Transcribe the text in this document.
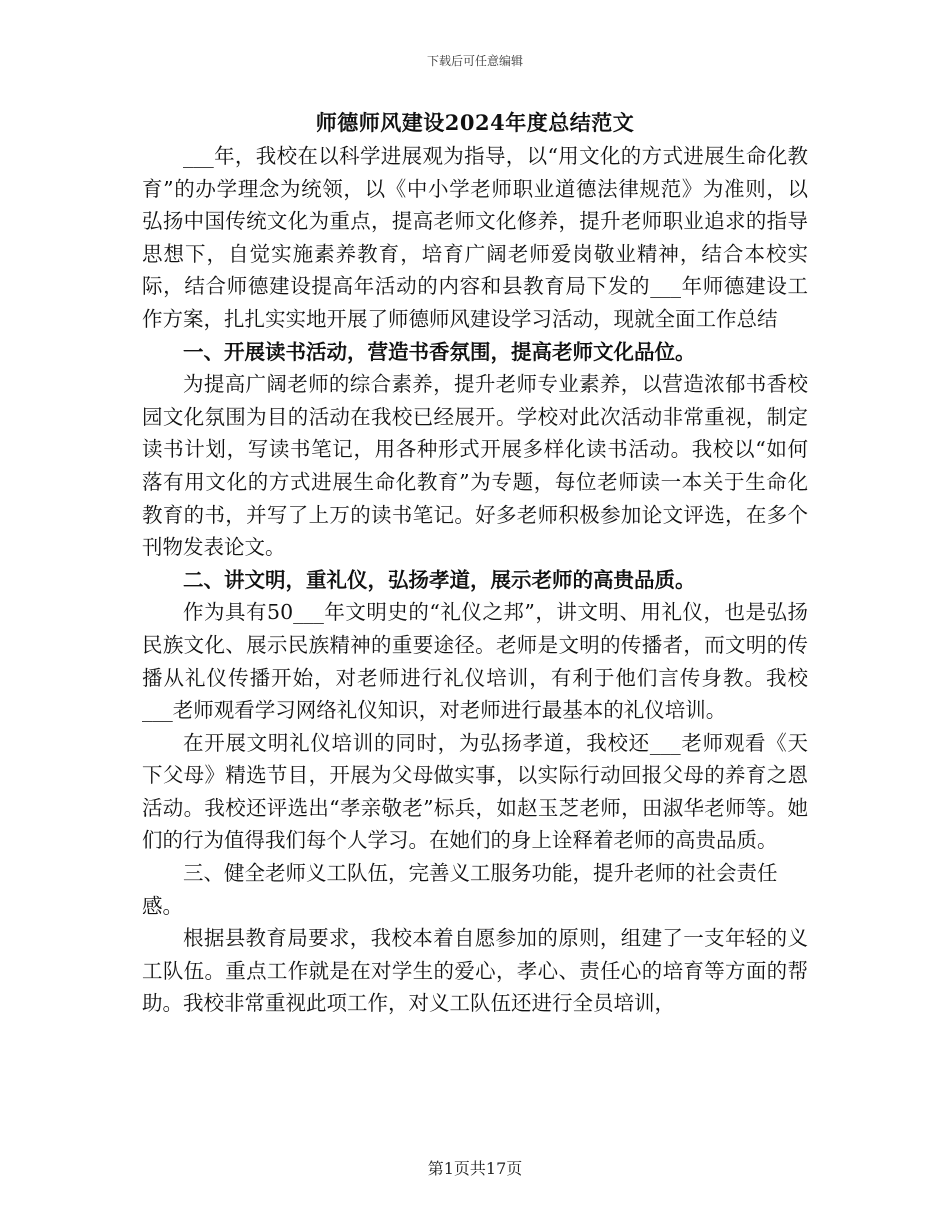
下载后可任意编辑
师德师风建设2024年度总结范文

___年，我校在以科学进展观为指导，以“用文化的方式进展生命化教育”的办学理念为统领，以《中小学老师职业道德法律规范》为准则，以弘扬中国传统文化为重点，提高老师文化修养，提升老师职业追求的指导思想下，自觉实施素养教育，培育广阔老师爱岗敬业精神，结合本校实际，结合师德建设提高年活动的内容和县教育局下发的___年师德建设工作方案，扎扎实实地开展了师德师风建设学习活动，现就全面工作总结

一、开展读书活动，营造书香氛围，提高老师文化品位。

为提高广阔老师的综合素养，提升老师专业素养，以营造浓郁书香校园文化氛围为目的活动在我校已经展开。学校对此次活动非常重视，制定读书计划，写读书笔记，用各种形式开展多样化读书活动。我校以“如何落有用文化的方式进展生命化教育”为专题，每位老师读一本关于生命化教育的书，并写了上万的读书笔记。好多老师积极参加论文评选，在多个刊物发表论文。

二、讲文明，重礼仪，弘扬孝道，展示老师的高贵品质。

作为具有50___年文明史的“礼仪之邦”，讲文明、用礼仪，也是弘扬民族文化、展示民族精神的重要途径。老师是文明的传播者，而文明的传播从礼仪传播开始，对老师进行礼仪培训，有利于他们言传身教。我校___老师观看学习网络礼仪知识，对老师进行最基本的礼仪培训。

在开展文明礼仪培训的同时，为弘扬孝道，我校还___老师观看《天下父母》精选节目，开展为父母做实事，以实际行动回报父母的养育之恩活动。我校还评选出“孝亲敬老”标兵，如赵玉芝老师，田淑华老师等。她们的行为值得我们每个人学习。在她们的身上诠释着老师的高贵品质。

三、健全老师义工队伍，完善义工服务功能，提升老师的社会责任感。

根据县教育局要求，我校本着自愿参加的原则，组建了一支年轻的义工队伍。重点工作就是在对学生的爱心，孝心、责任心的培育等方面的帮助。我校非常重视此项工作，对义工队伍还进行全员培训，

第1页共17页
